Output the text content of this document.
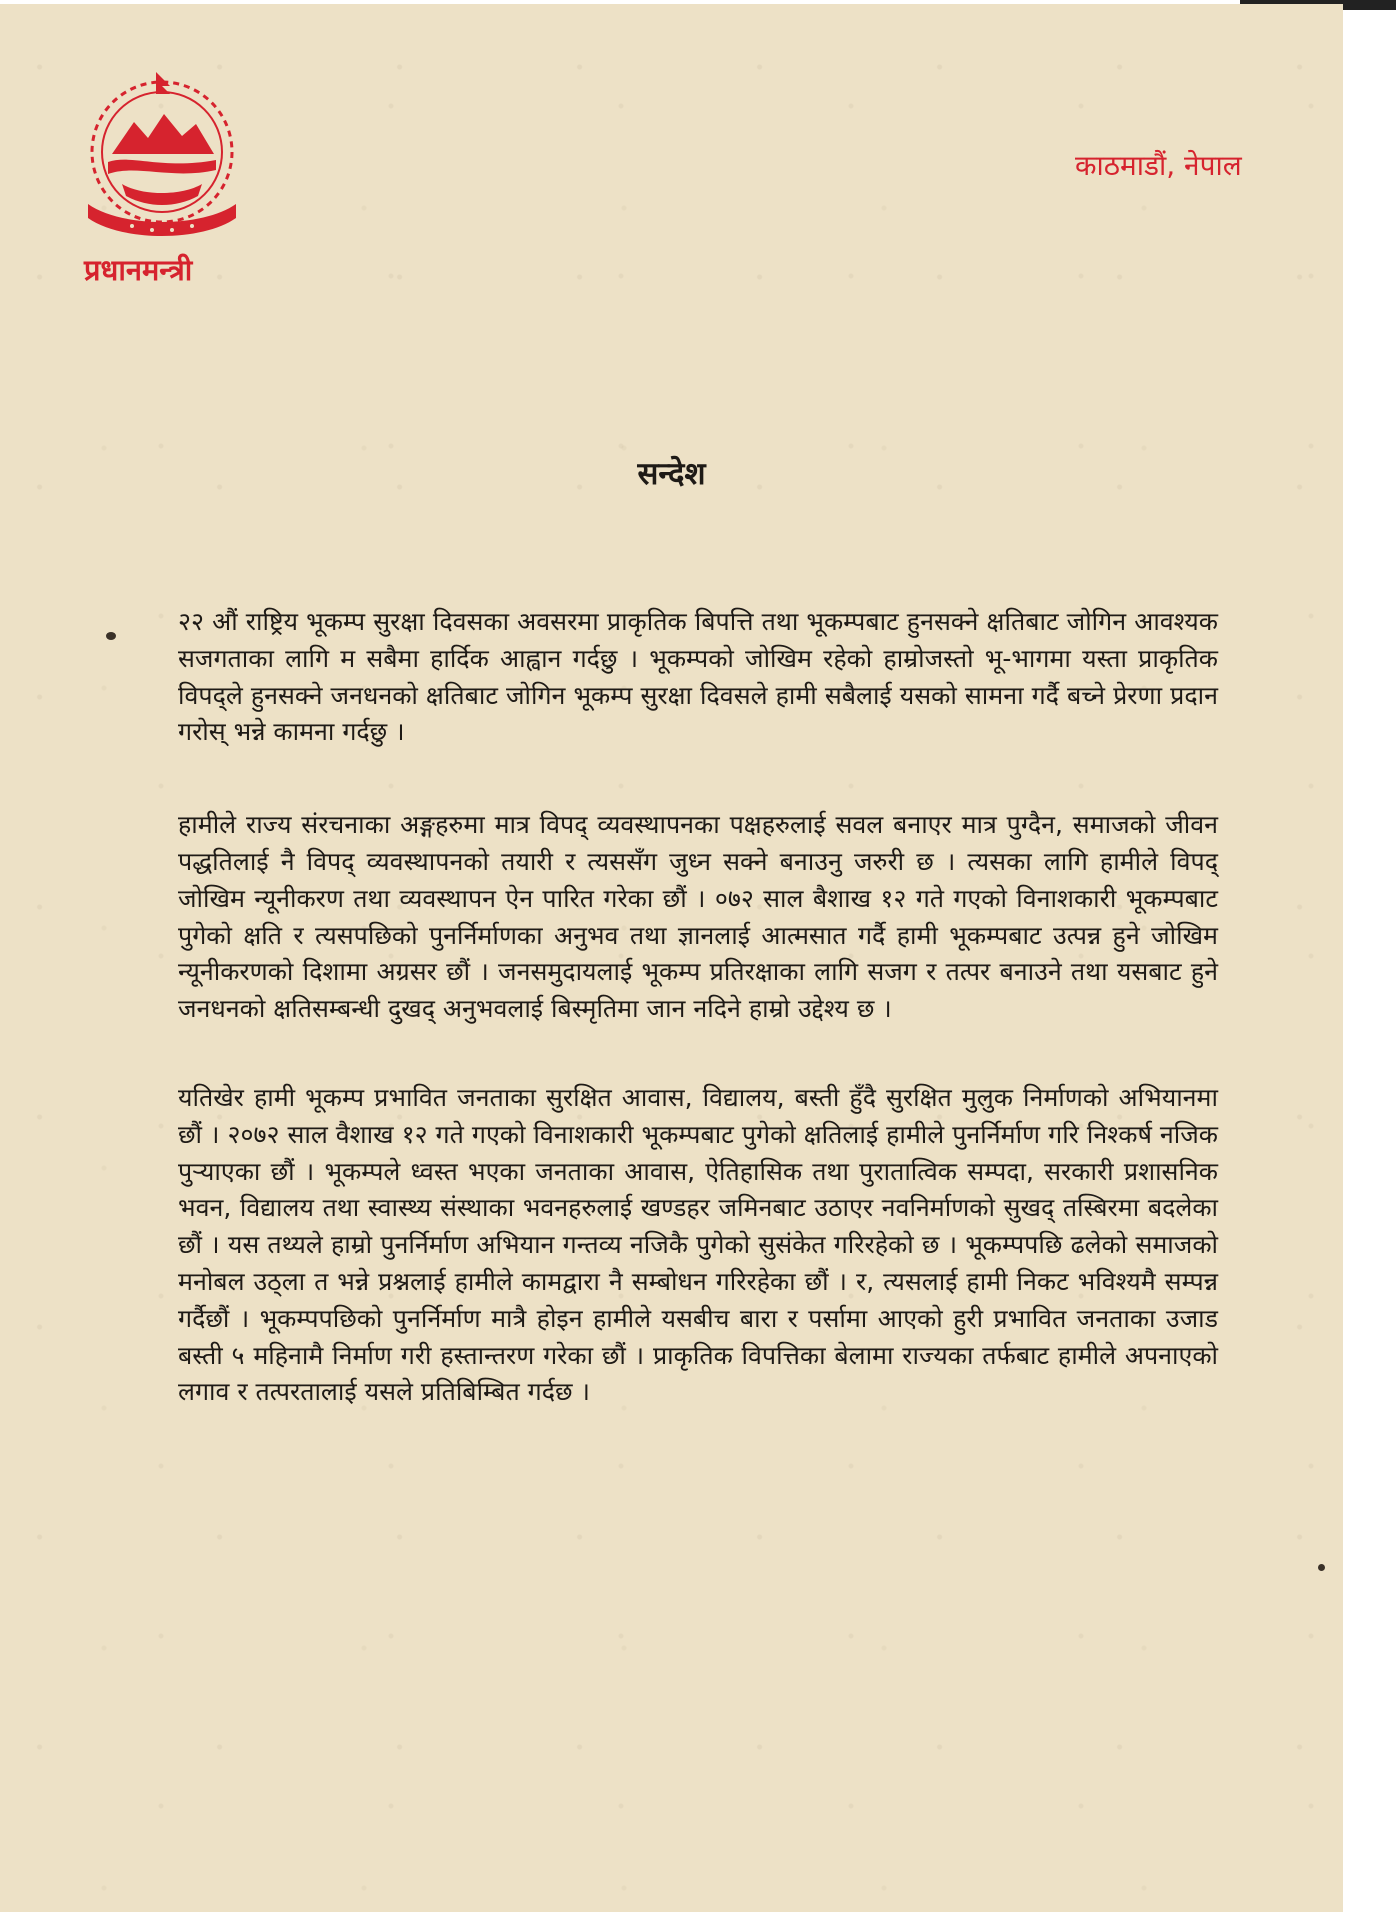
प्रधानमन्त्री
काठमाडौं, नेपाल
सन्देश

२२ औं राष्ट्रिय भूकम्प सुरक्षा दिवसका अवसरमा प्राकृतिक बिपत्ति तथा भूकम्पबाट हुनसक्ने क्षतिबाट जोगिन आवश्यक सजगताका लागि म सबैमा हार्दिक आह्वान गर्दछु । भूकम्पको जोखिम रहेको हाम्रोजस्तो भू-भागमा यस्ता प्राकृतिक विपद्ले हुनसक्ने जनधनको क्षतिबाट जोगिन भूकम्प सुरक्षा दिवसले हामी सबैलाई यसको सामना गर्दै बच्ने प्रेरणा प्रदान गरोस् भन्ने कामना गर्दछु ।

हामीले राज्य संरचनाका अङ्गहरुमा मात्र विपद् व्यवस्थापनका पक्षहरुलाई सवल बनाएर मात्र पुग्दैन, समाजको जीवन पद्धतिलाई नै विपद् व्यवस्थापनको तयारी र त्यससँग जुध्न सक्ने बनाउनु जरुरी छ । त्यसका लागि हामीले विपद् जोखिम न्यूनीकरण तथा व्यवस्थापन ऐन पारित गरेका छौं । ०७२ साल बैशाख १२ गते गएको विनाशकारी भूकम्पबाट पुगेको क्षति र त्यसपछिको पुनर्निर्माणका अनुभव तथा ज्ञानलाई आत्मसात गर्दै हामी भूकम्पबाट उत्पन्न हुने जोखिम न्यूनीकरणको दिशामा अग्रसर छौं । जनसमुदायलाई भूकम्प प्रतिरक्षाका लागि सजग र तत्पर बनाउने तथा यसबाट हुने जनधनको क्षतिसम्बन्धी दुखद् अनुभवलाई बिस्मृतिमा जान नदिने हाम्रो उद्देश्य छ ।

यतिखेर हामी भूकम्प प्रभावित जनताका सुरक्षित आवास, विद्यालय, बस्ती हुँदै सुरक्षित मुलुक निर्माणको अभियानमा छौं । २०७२ साल वैशाख १२ गते गएको विनाशकारी भूकम्पबाट पुगेको क्षतिलाई हामीले पुनर्निर्माण गरि निश्कर्ष नजिक पुऱ्याएका छौं । भूकम्पले ध्वस्त भएका जनताका आवास, ऐतिहासिक तथा पुरातात्विक सम्पदा, सरकारी प्रशासनिक भवन, विद्यालय तथा स्वास्थ्य संस्थाका भवनहरुलाई खण्डहर जमिनबाट उठाएर नवनिर्माणको सुखद् तस्बिरमा बदलेका छौं । यस तथ्यले हाम्रो पुनर्निर्माण अभियान गन्तव्य नजिकै पुगेको सुसंकेत गरिरहेको छ । भूकम्पपछि ढलेको समाजको मनोबल उठ्ला त भन्ने प्रश्नलाई हामीले कामद्वारा नै सम्बोधन गरिरहेका छौं । र, त्यसलाई हामी निकट भविश्यमै सम्पन्न गर्दैछौं । भूकम्पपछिको पुनर्निर्माण मात्रै होइन हामीले यसबीच बारा र पर्सामा आएको हुरी प्रभावित जनताका उजाड बस्ती ५ महिनामै निर्माण गरी हस्तान्तरण गरेका छौं । प्राकृतिक विपत्तिका बेलामा राज्यका तर्फबाट हामीले अपनाएको लगाव र तत्परतालाई यसले प्रतिबिम्बित गर्दछ ।
